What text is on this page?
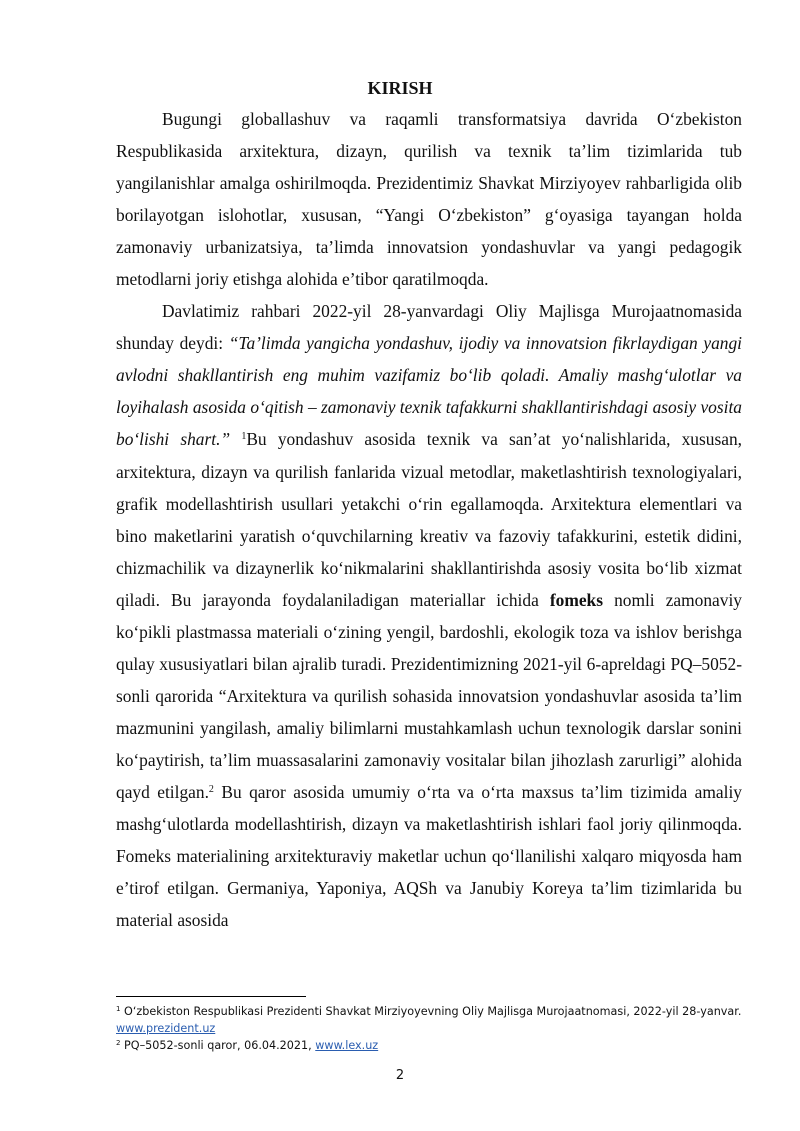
KIRISH

Bugungi globallashuv va raqamli transformatsiya davrida O‘zbekiston Respublikasida arxitektura, dizayn, qurilish va texnik ta’lim tizimlarida tub yangilanishlar amalga oshirilmoqda. Prezidentimiz Shavkat Mirziyoyev rahbarligida olib borilayotgan islohotlar, xususan, “Yangi O‘zbekiston” g‘oyasiga tayangan holda zamonaviy urbanizatsiya, ta’limda innovatsion yondashuvlar va yangi pedagogik metodlarni joriy etishga alohida e’tibor qaratilmoqda.

Davlatimiz rahbari 2022-yil 28-yanvardagi Oliy Majlisga Murojaatnomasida shunday deydi: “Ta’limda yangicha yondashuv, ijodiy va innovatsion fikrlaydigan yangi avlodni shakllantirish eng muhim vazifamiz bo‘lib qoladi. Amaliy mashg‘ulotlar va loyihalash asosida o‘qitish – zamonaviy texnik tafakkurni shakllantirishdagi asosiy vosita bo‘lishi shart.” $^1$Bu yondashuv asosida texnik va san’at yo‘nalishlarida, xususan, arxitektura, dizayn va qurilish fanlarida vizual metodlar, maketlashtirish texnologiyalari, grafik modellashtirish usullari yetakchi o‘rin egallamoqda. Arxitektura elementlari va bino maketlarini yaratish o‘quvchilarning kreativ va fazoviy tafakkurini, estetik didini, chizmachilik va dizaynerlik ko‘nikmalarini shakllantirishda asosiy vosita bo‘lib xizmat qiladi. Bu jarayonda foydalaniladigan materiallar ichida fomeks nomli zamonaviy ko‘pikli plastmassa materiali o‘zining yengil, bardoshli, ekologik toza va ishlov berishga qulay xususiyatlari bilan ajralib turadi. Prezidentimizning 2021-yil 6-apreldagi PQ–5052-sonli qarorida “Arxitektura va qurilish sohasida innovatsion yondashuvlar asosida ta’lim mazmunini yangilash, amaliy bilimlarni mustahkamlash uchun texnologik darslar sonini ko‘paytirish, ta’lim muassasalarini zamonaviy vositalar bilan jihozlash zarurligi” alohida qayd etilgan.$^2$ Bu qaror asosida umumiy o‘rta va o‘rta maxsus ta’lim tizimida amaliy mashg‘ulotlarda modellashtirish, dizayn va maketlashtirish ishlari faol joriy qilinmoqda. Fomeks materialining arxitekturaviy maketlar uchun qo‘llanilishi xalqaro miqyosda ham e’tirof etilgan. Germaniya, Yaponiya, AQSh va Janubiy Koreya ta’lim tizimlarida bu material asosida

$^1$ O‘zbekiston Respublikasi Prezidenti Shavkat Mirziyoyevning Oliy Majlisga Murojaatnomasi, 2022-yil 28-yanvar. www.prezident.uz

$^2$ PQ–5052-sonli qaror, 06.04.2021, www.lex.uz

2
